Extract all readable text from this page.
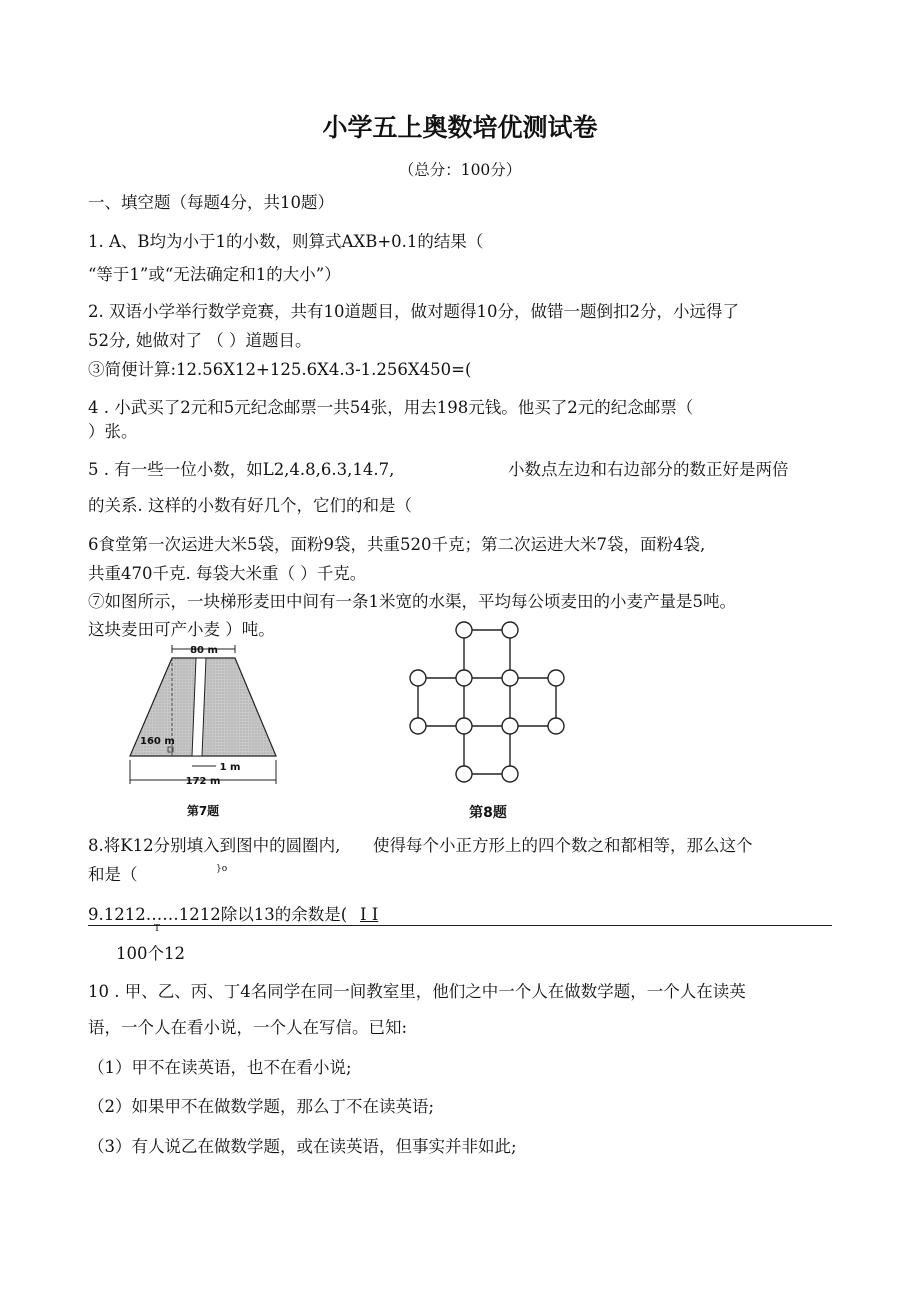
小学五上奥数培优测试卷
（总分：100分）
一、填空题（每题4分，共10题）
1. A、B均为小于1的小数，则算式AXB+0.1的结果（
“等于1”或“无法确定和1的大小”）
2. 双语小学举行数学竞赛，共有10道题目，做对题得10分，做错一题倒扣2分，小远得了
52分, 她做对了 （ ）道题目。
③简便计算:12.56X12+125.6X4.3-1.256X450=(
4 . 小武买了2元和5元纪念邮票一共54张，用去198元钱。他买了2元的纪念邮票（
）张。
5 . 有一些一位小数，如L2,4.8,6.3,14.7,	小数点左边和右边部分的数正好是两倍
的关系. 这样的小数有好几个，它们的和是（
6食堂第一次运进大米5袋，面粉9袋，共重520千克；第二次运进大米7袋，面粉4袋,
共重470千克. 每袋大米重（ ）千克。
⑦如图所示，一块梯形麦田中间有一条1米宽的水渠，平均每公顷麦田的小麦产量是5吨。
这块麦田可产小麦 ）吨。
80 m
160 m
1 m
172 m
第7题	第8题
8.将K12分别填入到图中的圆圈内, 使得每个小正方形上的四个数之和都相等，那么这个
和是（	}o
9.1212……1212除以13的余数是( I I
T
100个12
10 . 甲、乙、丙、丁4名同学在同一间教室里，他们之中一个人在做数学题，一个人在读英
语，一个人在看小说，一个人在写信。已知:
（1）甲不在读英语，也不在看小说;
（2）如果甲不在做数学题，那么丁不在读英语;
（3）有人说乙在做数学题，或在读英语，但事实并非如此;
